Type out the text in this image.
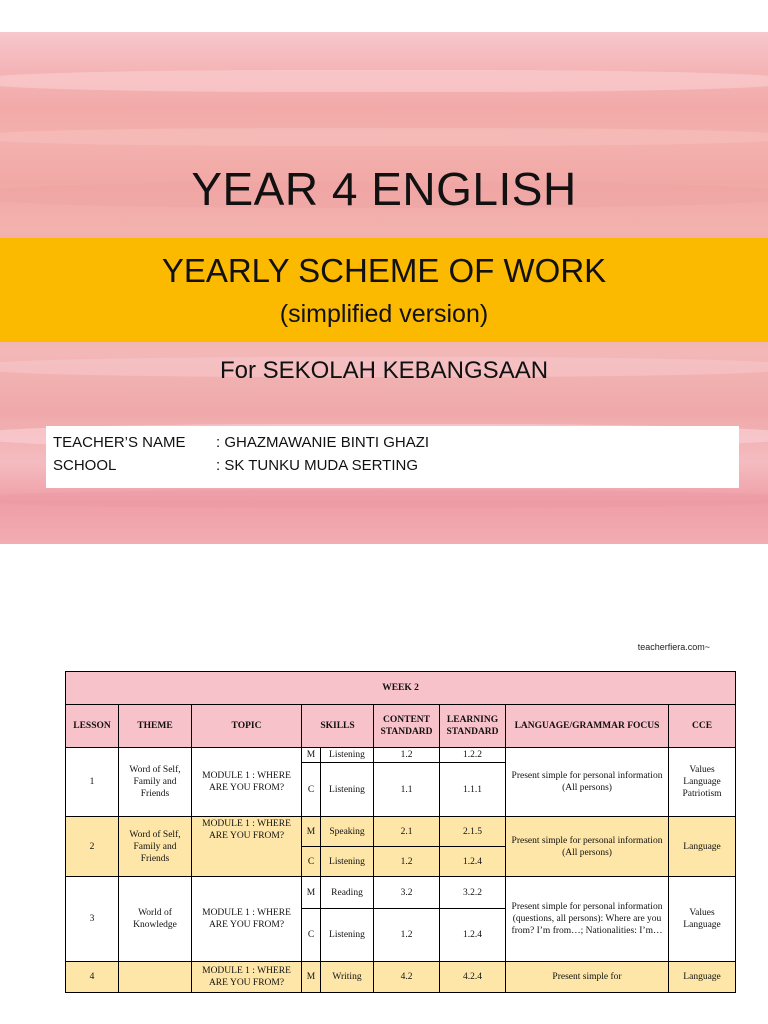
YEAR 4 ENGLISH
YEARLY SCHEME OF WORK
(simplified version)
For SEKOLAH KEBANGSAAN
TEACHER’S NAME : GHAZMAWANIE BINTI GHAZI
SCHOOL	: SK TUNKU MUDA SERTING
teacherfiera.com~
WEEK 2								
LESSON	THEME	TOPIC	SKILLS		CONTENT STANDARD	LEARNING STANDARD	LANGUAGE/GRAMMAR FOCUS	CCE
1	Word of Self, Family and Friends	MODULE 1 : WHERE ARE YOU FROM?	M	Listening	1.2	1.2.2	Present simple for personal information (All persons)	Values Language Patriotism
			C	Listening	1.1	1.1.1		
2	Word of Self, Family and Friends	MODULE 1 : WHERE ARE YOU FROM?	M	Speaking	2.1	2.1.5	Present simple for personal information (All persons)	Language
			C	Listening	1.2	1.2.4		
3	World of Knowledge	MODULE 1 : WHERE ARE YOU FROM?	M	Reading	3.2	3.2.2	Present simple for personal information (questions, all persons): Where are you from? I’m from…; Nationalities: I’m…	Values Language
			C	Listening	1.2	1.2.4		
4		MODULE 1 : WHERE ARE YOU FROM?	M	Writing	4.2	4.2.4	Present simple for	Language
